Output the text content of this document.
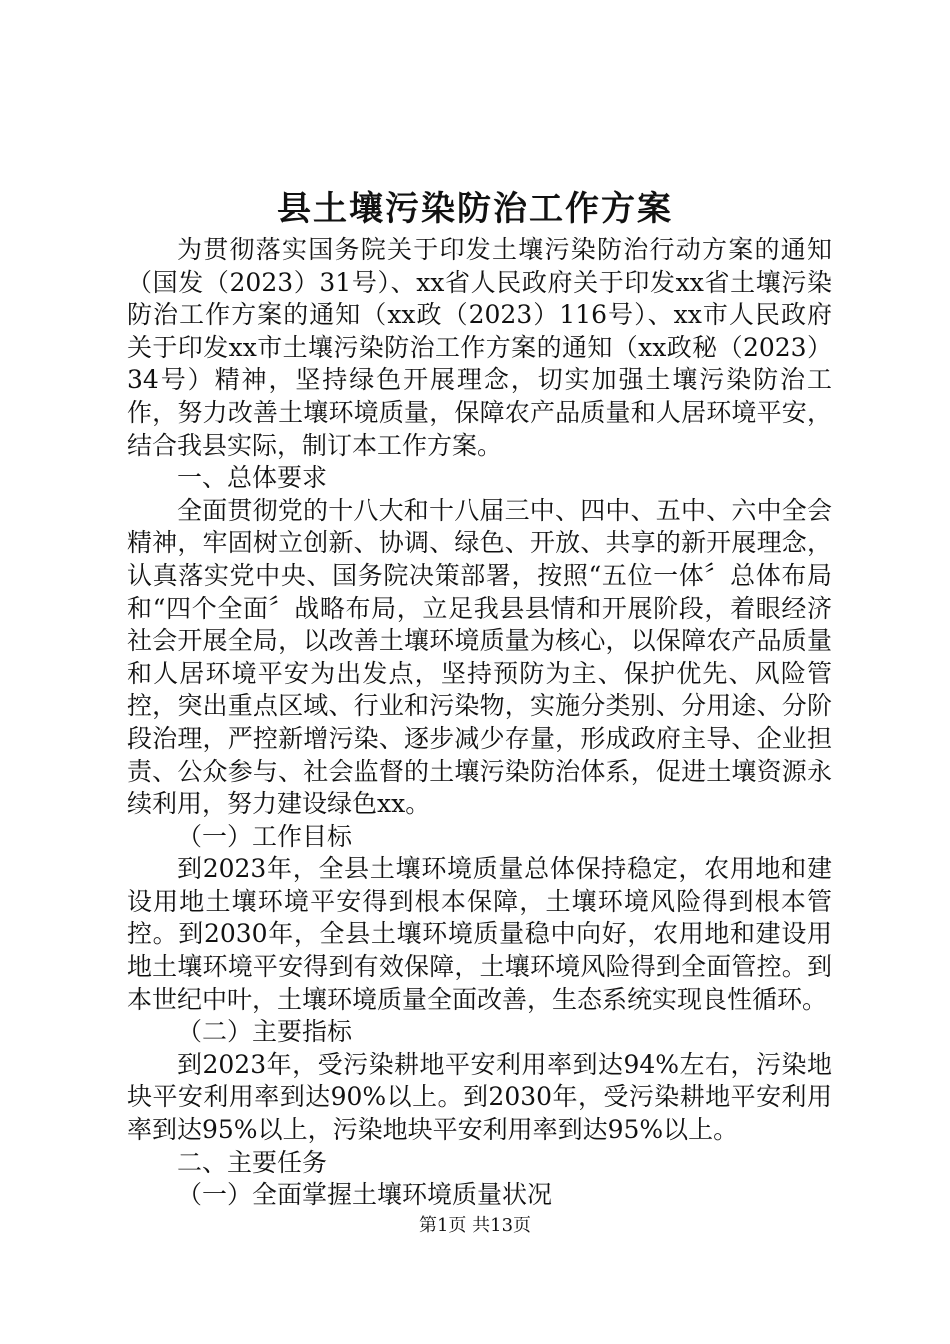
县土壤污染防治工作方案

为贯彻落实国务院关于印发土壤污染防治行动方案的通知（国发（2023）31号）、xx省人民政府关于印发xx省土壤污染防治工作方案的通知（xx政（2023）116号）、xx市人民政府关于印发xx市土壤污染防治工作方案的通知（xx政秘（2023）34号）精神，坚持绿色开展理念，切实加强土壤污染防治工作，努力改善土壤环境质量，保障农产品质量和人居环境平安，结合我县实际，制订本工作方案。

一、总体要求

全面贯彻党的十八大和十八届三中、四中、五中、六中全会精神，牢固树立创新、协调、绿色、开放、共享的新开展理念，认真落实党中央、国务院决策部署，按照“五位一体〞总体布局和“四个全面〞战略布局，立足我县县情和开展阶段，着眼经济社会开展全局，以改善土壤环境质量为核心，以保障农产品质量和人居环境平安为出发点，坚持预防为主、保护优先、风险管控，突出重点区域、行业和污染物，实施分类别、分用途、分阶段治理，严控新增污染、逐步减少存量，形成政府主导、企业担责、公众参与、社会监督的土壤污染防治体系，促进土壤资源永续利用，努力建设绿色xx。

（一）工作目标

到2023年，全县土壤环境质量总体保持稳定，农用地和建设用地土壤环境平安得到根本保障，土壤环境风险得到根本管控。到2030年，全县土壤环境质量稳中向好，农用地和建设用地土壤环境平安得到有效保障，土壤环境风险得到全面管控。到本世纪中叶，土壤环境质量全面改善，生态系统实现良性循环。

（二）主要指标

到2023年，受污染耕地平安利用率到达94%左右，污染地块平安利用率到达90%以上。到2030年，受污染耕地平安利用率到达95%以上，污染地块平安利用率到达95%以上。

二、主要任务

（一）全面掌握土壤环境质量状况

第1页 共13页
